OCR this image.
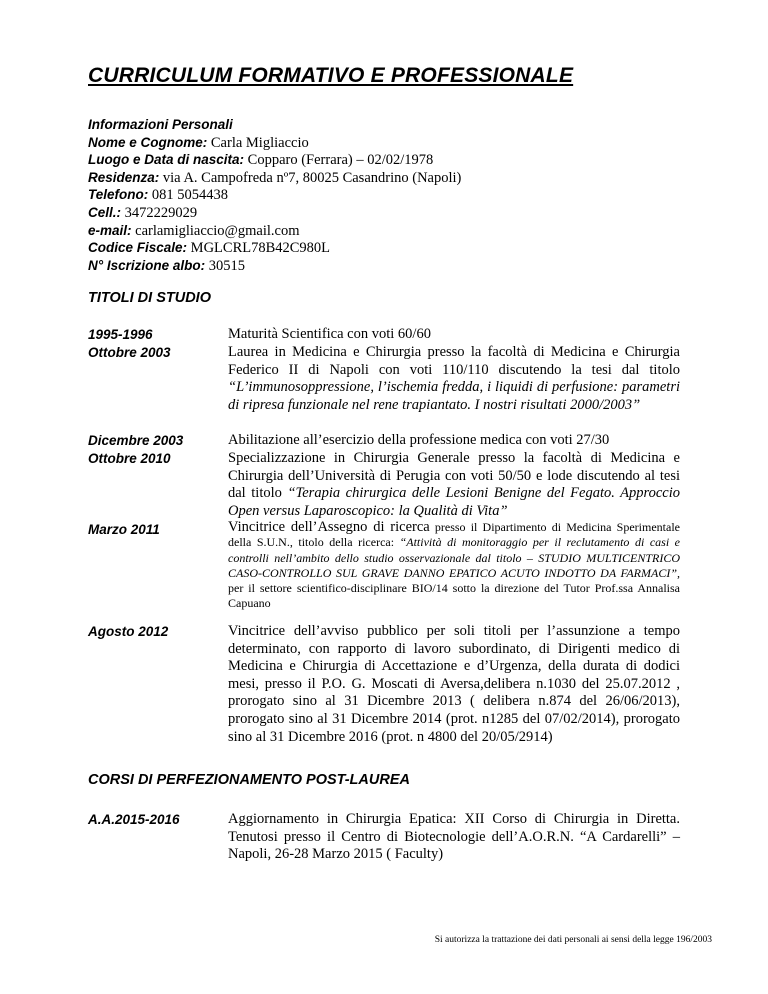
CURRICULUM FORMATIVO E PROFESSIONALE
Informazioni Personali
Nome e Cognome: Carla Migliaccio
Luogo e Data di nascita: Copparo (Ferrara) – 02/02/1978
Residenza: via A. Campofreda nº7, 80025 Casandrino (Napoli)
Telefono: 081 5054438
Cell.: 3472229029
e-mail: carlamigliaccio@gmail.com
Codice Fiscale: MGLCRL78B42C980L
N° Iscrizione albo: 30515
TITOLI DI STUDIO
1995-1996	Maturità Scientifica con voti 60/60
Ottobre 2003	Laurea in Medicina e Chirurgia presso la facoltà di Medicina e Chirurgia Federico II di Napoli con voti 110/110 discutendo la tesi dal titolo “L’immunosoppressione, l’ischemia fredda, i liquidi di perfusione: parametri di ripresa funzionale nel rene trapiantato. I nostri risultati 2000/2003”
Dicembre 2003	Abilitazione all’esercizio della professione medica con voti 27/30
Ottobre 2010	Specializzazione in Chirurgia Generale presso la facoltà di Medicina e Chirurgia dell’Università di Perugia con voti 50/50 e lode discutendo al tesi dal titolo “Terapia chirurgica delle Lesioni Benigne del Fegato. Approccio Open versus Laparoscopico: la Qualità di Vita”
Marzo 2011	Vincitrice dell’Assegno di ricerca presso il Dipartimento di Medicina Sperimentale della S.U.N., titolo della ricerca: “Attività di monitoraggio per il reclutamento di casi e controlli nell’ambito dello studio osservazionale dal titolo – STUDIO MULTICENTRICO CASO-CONTROLLO SUL GRAVE DANNO EPATICO ACUTO INDOTTO DA FARMACI”, per il settore scientifico-disciplinare BIO/14 sotto la direzione del Tutor Prof.ssa Annalisa Capuano
Agosto 2012	Vincitrice dell’avviso pubblico per soli titoli per l’assunzione a tempo determinato, con rapporto di lavoro subordinato, di Dirigenti medico di Medicina e Chirurgia di Accettazione e d’Urgenza, della durata di dodici mesi, presso il P.O. G. Moscati di Aversa,delibera n.1030 del 25.07.2012 , prorogato sino al 31 Dicembre 2013 ( delibera n.874 del 26/06/2013), prorogato sino al 31 Dicembre 2014 (prot. n1285 del 07/02/2014), prorogato sino al 31 Dicembre 2016 (prot. n 4800 del 20/05/2914)
CORSI DI PERFEZIONAMENTO POST-LAUREA
A.A.2015-2016	Aggiornamento in Chirurgia Epatica: XII Corso di Chirurgia in Diretta. Tenutosi presso il Centro di Biotecnologie dell’A.O.R.N. “A Cardarelli” – Napoli, 26-28 Marzo 2015 ( Faculty)
Si autorizza la trattazione dei dati personali ai sensi della legge 196/2003
